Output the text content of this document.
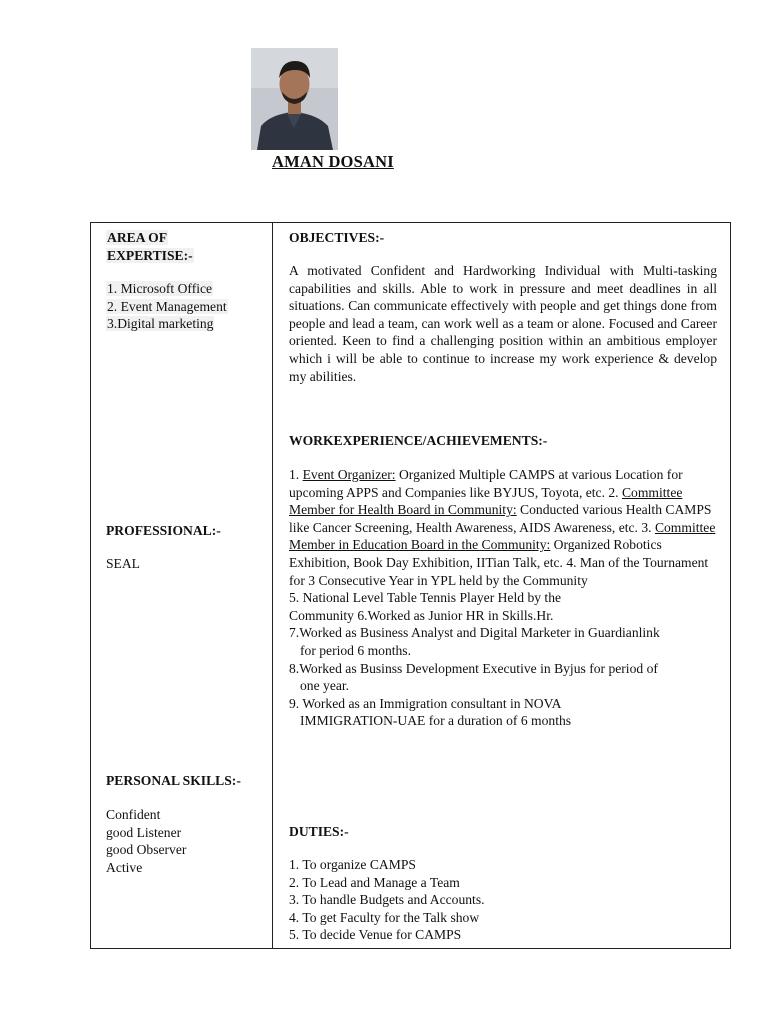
AMAN DOSANI
AREA OF
EXPERTISE:-
1. Microsoft Office
2. Event Management
3.Digital marketing
PROFESSIONAL:-
SEAL
PERSONAL SKILLS:-
Confident
good Listener
good Observer
Active
OBJECTIVES:-
A motivated Confident and Hardworking Individual with Multi-tasking capabilities and skills. Able to work in pressure and meet deadlines in all situations. Can communicate effectively with people and get things done from people and lead a team, can work well as a team or alone. Focused and Career oriented. Keen to find a challenging position within an ambitious employer which i will be able to continue to increase my work experience & develop my abilities.
WORKEXPERIENCE/ACHIEVEMENTS:-
1. Event Organizer: Organized Multiple CAMPS at various Location for upcoming APPS and Companies like BYJUS, Toyota, etc. 2. Committee Member for Health Board in Community: Conducted various Health CAMPS like Cancer Screening, Health Awareness, AIDS Awareness, etc. 3. Committee Member in Education Board in the Community: Organized Robotics Exhibition, Book Day Exhibition, IITian Talk, etc. 4. Man of the Tournament for 3 Consecutive Year in YPL held by the Community
5. National Level Table Tennis Player Held by the
Community 6.Worked as Junior HR in Skills.Hr.
7.Worked as Business Analyst and Digital Marketer in Guardianlink
for period 6 months.
8.Worked as Businss Development Executive in Byjus for period of
one year.
9. Worked as an Immigration consultant in NOVA
IMMIGRATION-UAE for a duration of 6 months
DUTIES:-
1. To organize CAMPS
2. To Lead and Manage a Team
3. To handle Budgets and Accounts.
4. To get Faculty for the Talk show
5. To decide Venue for CAMPS
